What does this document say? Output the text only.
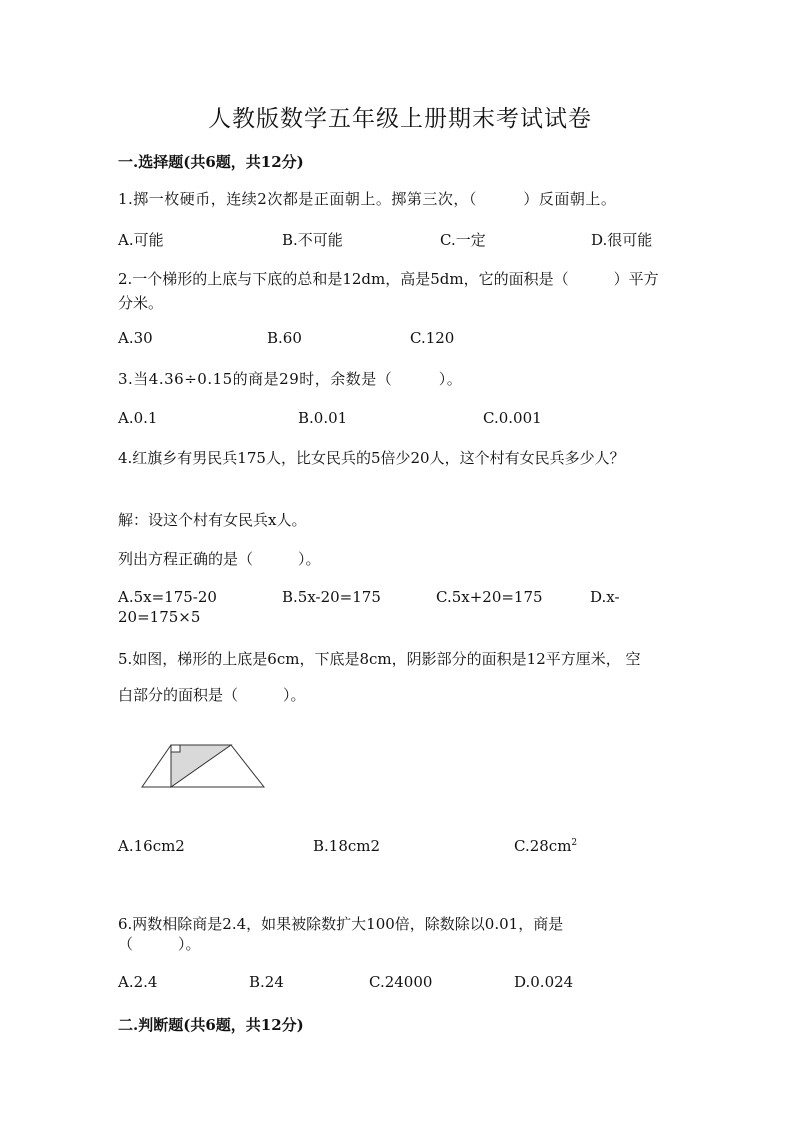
人教版数学五年级上册期末考试试卷
一.选择题(共6题，共12分)
1.掷一枚硬币，连续2次都是正面朝上。掷第三次，（　　　）反面朝上。
A.可能	B.不可能	C.一定	D.很可能
2.一个梯形的上底与下底的总和是12dm，高是5dm，它的面积是（　　　）平方
分米。
A.30	B.60	C.120
3.当4.36÷0.15的商是29时，余数是（　　　）。
A.0.1	B.0.01	C.0.001
4.红旗乡有男民兵175人，比女民兵的5倍少20人，这个村有女民兵多少人？
解：设这个村有女民兵x人。
列出方程正确的是（　　　）。
A.5x=175-20	B.5x-20=175	C.5x+20=175	D.x-
20=175×5
5.如图，梯形的上底是6cm，下底是8cm，阴影部分的面积是12平方厘米， 空
白部分的面积是（　　　）。
A.16cm2	B.18cm2	$C.28cm^2$
6.两数相除商是2.4，如果被除数扩大100倍，除数除以0.01，商是
（　　　）。
A.2.4	B.24	C.24000	D.0.024
二.判断题(共6题，共12分)
